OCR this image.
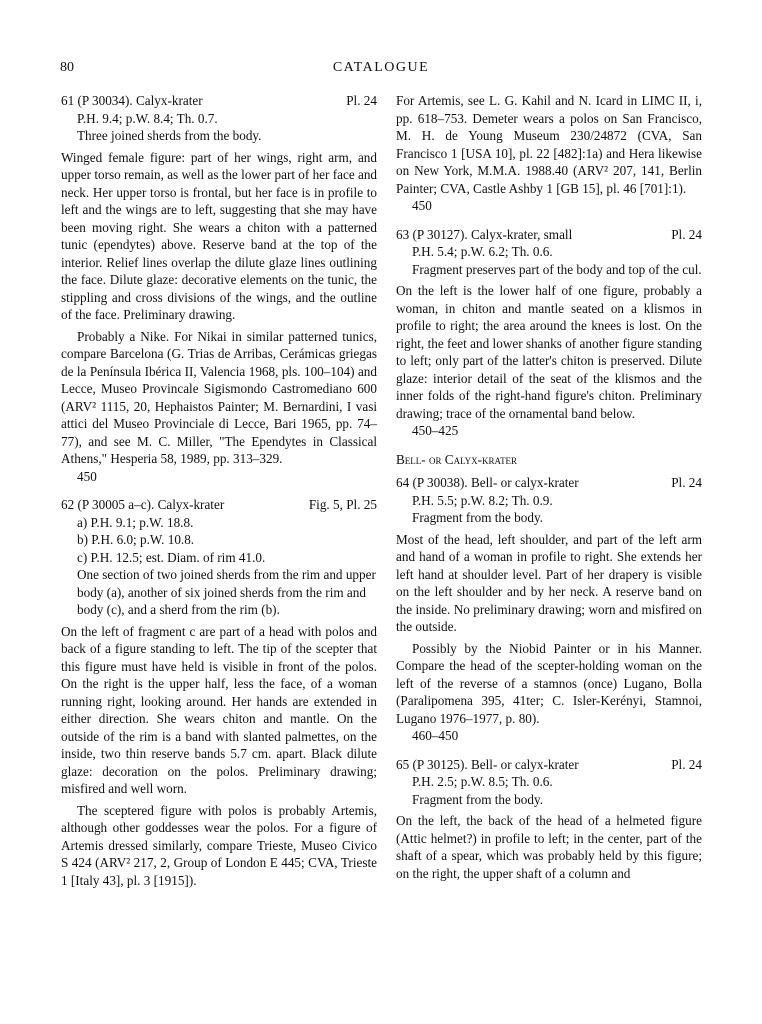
80	CATALOGUE

61 (P 30034). Calyx-krater	Pl. 24

P.H. 9.4; p.W. 8.4; Th. 0.7.

Three joined sherds from the body.

Winged female figure: part of her wings, right arm, and upper torso remain, as well as the lower part of her face and neck. Her upper torso is frontal, but her face is in profile to left and the wings are to left, suggesting that she may have been moving right. She wears a chiton with a patterned tunic (ependytes) above. Reserve band at the top of the interior. Relief lines overlap the dilute glaze lines outlining the face. Dilute glaze: decorative elements on the tunic, the stippling and cross divisions of the wings, and the outline of the face. Preliminary drawing.

Probably a Nike. For Nikai in similar patterned tunics, compare Barcelona (G. Trias de Arribas, Cerámicas griegas de la Península Ibérica II, Valencia 1968, pls. 100–104) and Lecce, Museo Provincale Sigismondo Castromediano 600 (ARV² 1115, 20, Hephaistos Painter; M. Bernardini, I vasi attici del Museo Provinciale di Lecce, Bari 1965, pp. 74–77), and see M. C. Miller, "The Ependytes in Classical Athens," Hesperia 58, 1989, pp. 313–329.

450

62 (P 30005 a–c). Calyx-krater	Fig. 5, Pl. 25

a) P.H. 9.1; p.W. 18.8.

b) P.H. 6.0; p.W. 10.8.

c) P.H. 12.5; est. Diam. of rim 41.0.

One section of two joined sherds from the rim and upper body (a), another of six joined sherds from the rim and body (c), and a sherd from the rim (b).

On the left of fragment c are part of a head with polos and back of a figure standing to left. The tip of the scepter that this figure must have held is visible in front of the polos. On the right is the upper half, less the face, of a woman running right, looking around. Her hands are extended in either direction. She wears chiton and mantle. On the outside of the rim is a band with slanted palmettes, on the inside, two thin reserve bands 5.7 cm. apart. Black dilute glaze: decoration on the polos. Preliminary drawing; misfired and well worn.

The sceptered figure with polos is probably Artemis, although other goddesses wear the polos. For a figure of Artemis dressed similarly, compare Trieste, Museo Civico S 424 (ARV² 217, 2, Group of London E 445; CVA, Trieste 1 [Italy 43], pl. 3 [1915]).

For Artemis, see L. G. Kahil and N. Icard in LIMC II, i, pp. 618–753. Demeter wears a polos on San Francisco, M. H. de Young Museum 230/24872 (CVA, San Francisco 1 [USA 10], pl. 22 [482]:1a) and Hera likewise on New York, M.M.A. 1988.40 (ARV² 207, 141, Berlin Painter; CVA, Castle Ashby 1 [GB 15], pl. 46 [701]:1).

450

63 (P 30127). Calyx-krater, small	Pl. 24

P.H. 5.4; p.W. 6.2; Th. 0.6.

Fragment preserves part of the body and top of the cul.

On the left is the lower half of one figure, probably a woman, in chiton and mantle seated on a klismos in profile to right; the area around the knees is lost. On the right, the feet and lower shanks of another figure standing to left; only part of the latter's chiton is preserved. Dilute glaze: interior detail of the seat of the klismos and the inner folds of the right-hand figure's chiton. Preliminary drawing; trace of the ornamental band below.

450–425

Bell- or Calyx-krater

64 (P 30038). Bell- or calyx-krater	Pl. 24

P.H. 5.5; p.W. 8.2; Th. 0.9.

Fragment from the body.

Most of the head, left shoulder, and part of the left arm and hand of a woman in profile to right. She extends her left hand at shoulder level. Part of her drapery is visible on the left shoulder and by her neck. A reserve band on the inside. No preliminary drawing; worn and misfired on the outside.

Possibly by the Niobid Painter or in his Manner. Compare the head of the scepter-holding woman on the left of the reverse of a stamnos (once) Lugano, Bolla (Paralipomena 395, 41ter; C. Isler-Kerényi, Stamnoi, Lugano 1976–1977, p. 80).

460–450

65 (P 30125). Bell- or calyx-krater	Pl. 24

P.H. 2.5; p.W. 8.5; Th. 0.6.

Fragment from the body.

On the left, the back of the head of a helmeted figure (Attic helmet?) in profile to left; in the center, part of the shaft of a spear, which was probably held by this figure; on the right, the upper shaft of a column and
